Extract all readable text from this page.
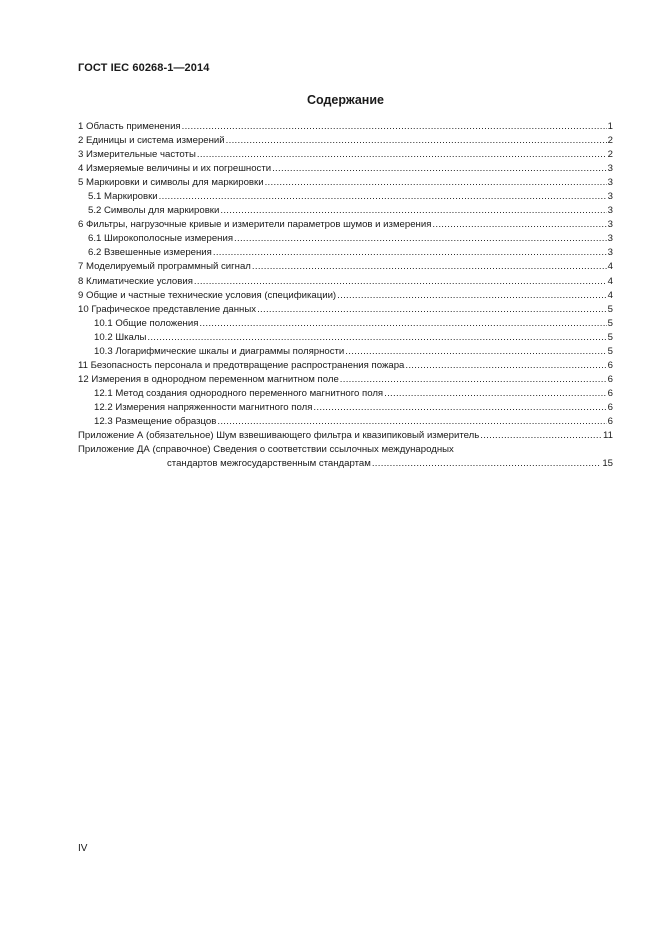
ГОСТ IEC 60268-1—2014
Содержание
1 Область применения .....	1
2 Единицы и система измерений .....	2
3 Измерительные частоты .....	2
4 Измеряемые величины и их погрешности .....	3
5 Маркировки и символы для маркировки .....	3
5.1 Маркировки .....	3
5.2 Символы для маркировки .....	3
6 Фильтры, нагрузочные кривые и измерители параметров шумов и измерения .....	3
6.1 Широкополосные измерения .....	3
6.2 Взвешенные измерения .....	3
7 Моделируемый программный сигнал .....	4
8 Климатические условия .....	4
9 Общие и частные технические условия (спецификации) .....	4
10 Графическое представление данных .....	5
10.1 Общие положения .....	5
10.2 Шкалы .....	5
10.3 Логарифмические шкалы и диаграммы полярности .....	5
11 Безопасность персонала и предотвращение распространения пожара .....	6
12 Измерения в однородном переменном магнитном поле .....	6
12.1 Метод создания однородного переменного магнитного поля .....	6
12.2 Измерения напряженности магнитного поля .....	6
12.3 Размещение образцов .....	6
Приложение А (обязательное) Шум взвешивающего фильтра и квазипиковый измеритель .....	11
Приложение ДА (справочное) Сведения о соответствии ссылочных международных
стандартов межгосударственным стандартам .....	15
IV
